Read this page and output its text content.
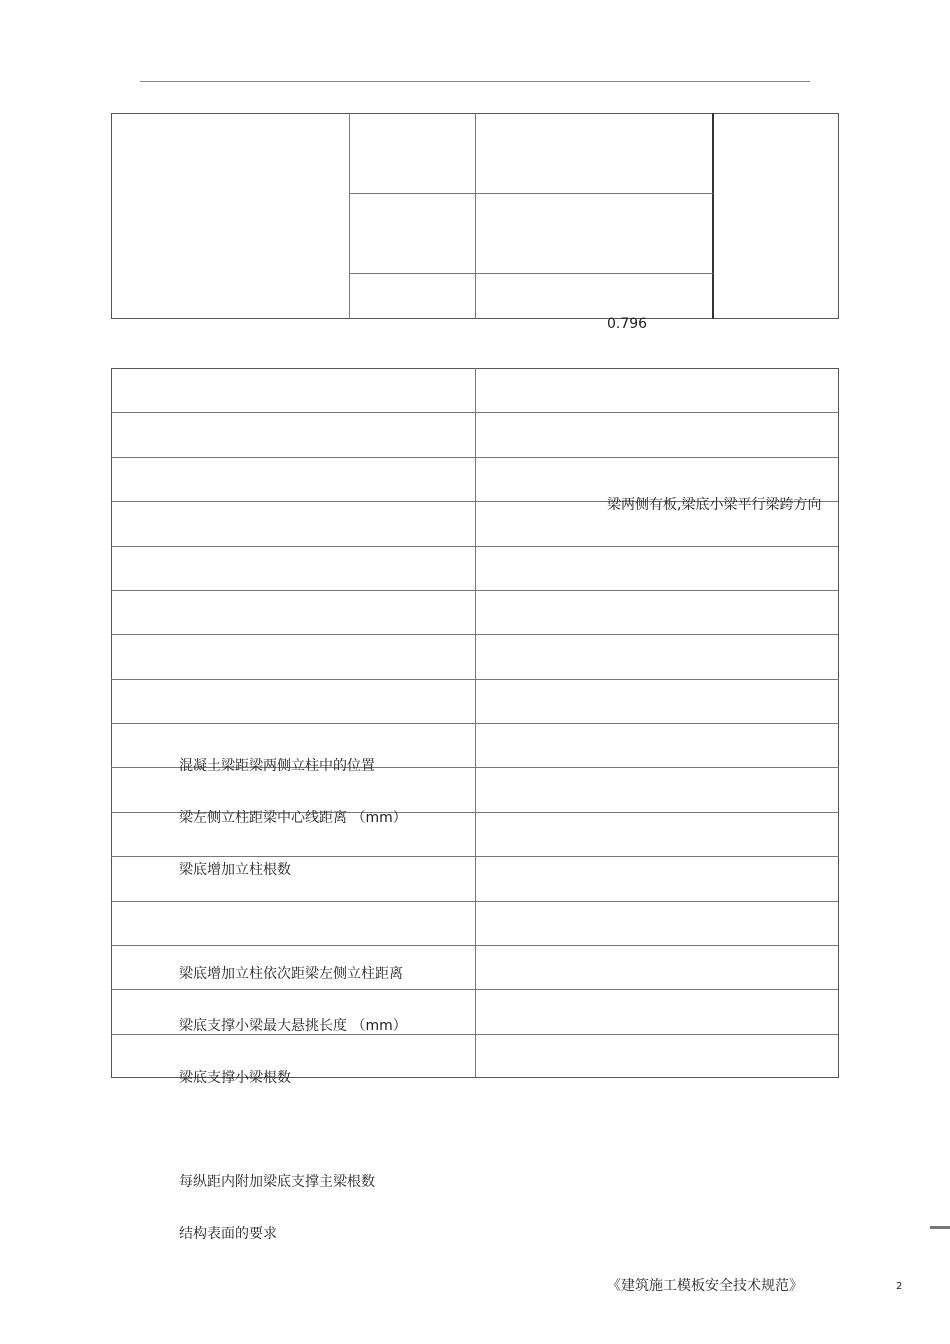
0.796
梁两侧有板,梁底小梁平行梁跨方向
混凝土梁距梁两侧立柱中的位置
梁左侧立柱距梁中心线距离 （mm）
梁底增加立柱根数
梁底增加立柱依次距梁左侧立柱距离
梁底支撑小梁最大悬挑长度 （mm）
梁底支撑小梁根数
每纵距内附加梁底支撑主梁根数
结构表面的要求
《建筑施工模板安全技术规范》	2
